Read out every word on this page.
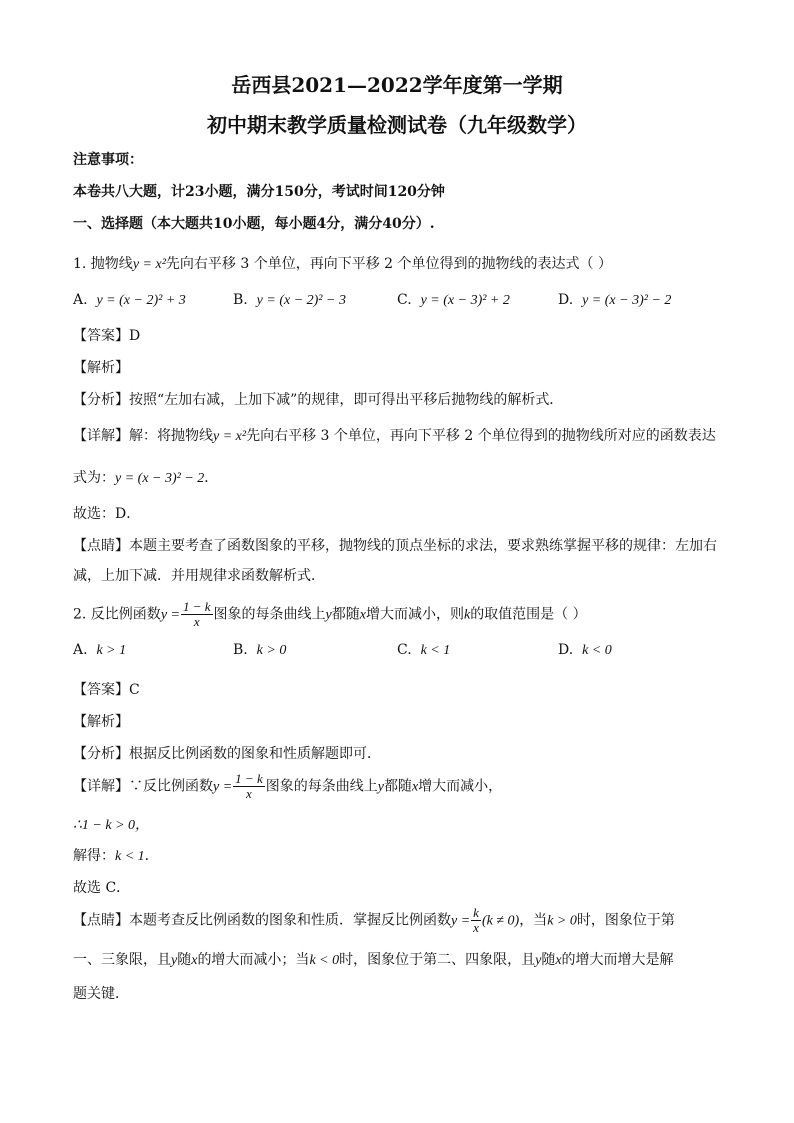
岳西县2021—2022学年度第一学期
初中期末教学质量检测试卷（九年级数学）
注意事项：
本卷共八大题，计23小题，满分150分，考试时间120分钟
一、选择题（本大题共10小题，每小题4分，满分40分）.
1. 抛物线y = x²先向右平移 3 个单位，再向下平移 2 个单位得到的抛物线的表达式（ ）
A. y = (x − 2)² + 3	B. y = (x − 2)² − 3	C. y = (x − 3)² + 2	D. y = (x − 3)² − 2
【答案】D
【解析】
【分析】按照“左加右减，上加下减”的规律，即可得出平移后抛物线的解析式．
【详解】解：将抛物线y = x²先向右平移 3 个单位，再向下平移 2 个单位得到的抛物线所对应的函数表达
式为：y = (x − 3)² − 2．
故选：D．
【点睛】本题主要考查了函数图象的平移，抛物线的顶点坐标的求法，要求熟练掌握平移的规律：左加右
减，上加下减．并用规律求函数解析式．
2. 反比例函数$y = \frac{1 - k}{x}$ 图象的每条曲线上y都随x增大而减小，则k的取值范围是（ ）
A. k > 1	B. k > 0	C. k < 1	D. k < 0
【答案】C
【解析】
【分析】根据反比例函数的图象和性质解题即可．
【详解】∵反比例函数$y = \frac{1 - k}{x}$ 图象的每条曲线上y都随x增大而减小，
∴1 − k > 0，
解得：k < 1．
故选 C．
【点睛】本题考查反比例函数的图象和性质．掌握反比例函数$y = \frac{k}{x} (k \ne 0)$，当k > 0时，图象位于第
一、三象限，且y随x的增大而减小；当k < 0时，图象位于第二、四象限，且y随x的增大而增大是解
题关键．
